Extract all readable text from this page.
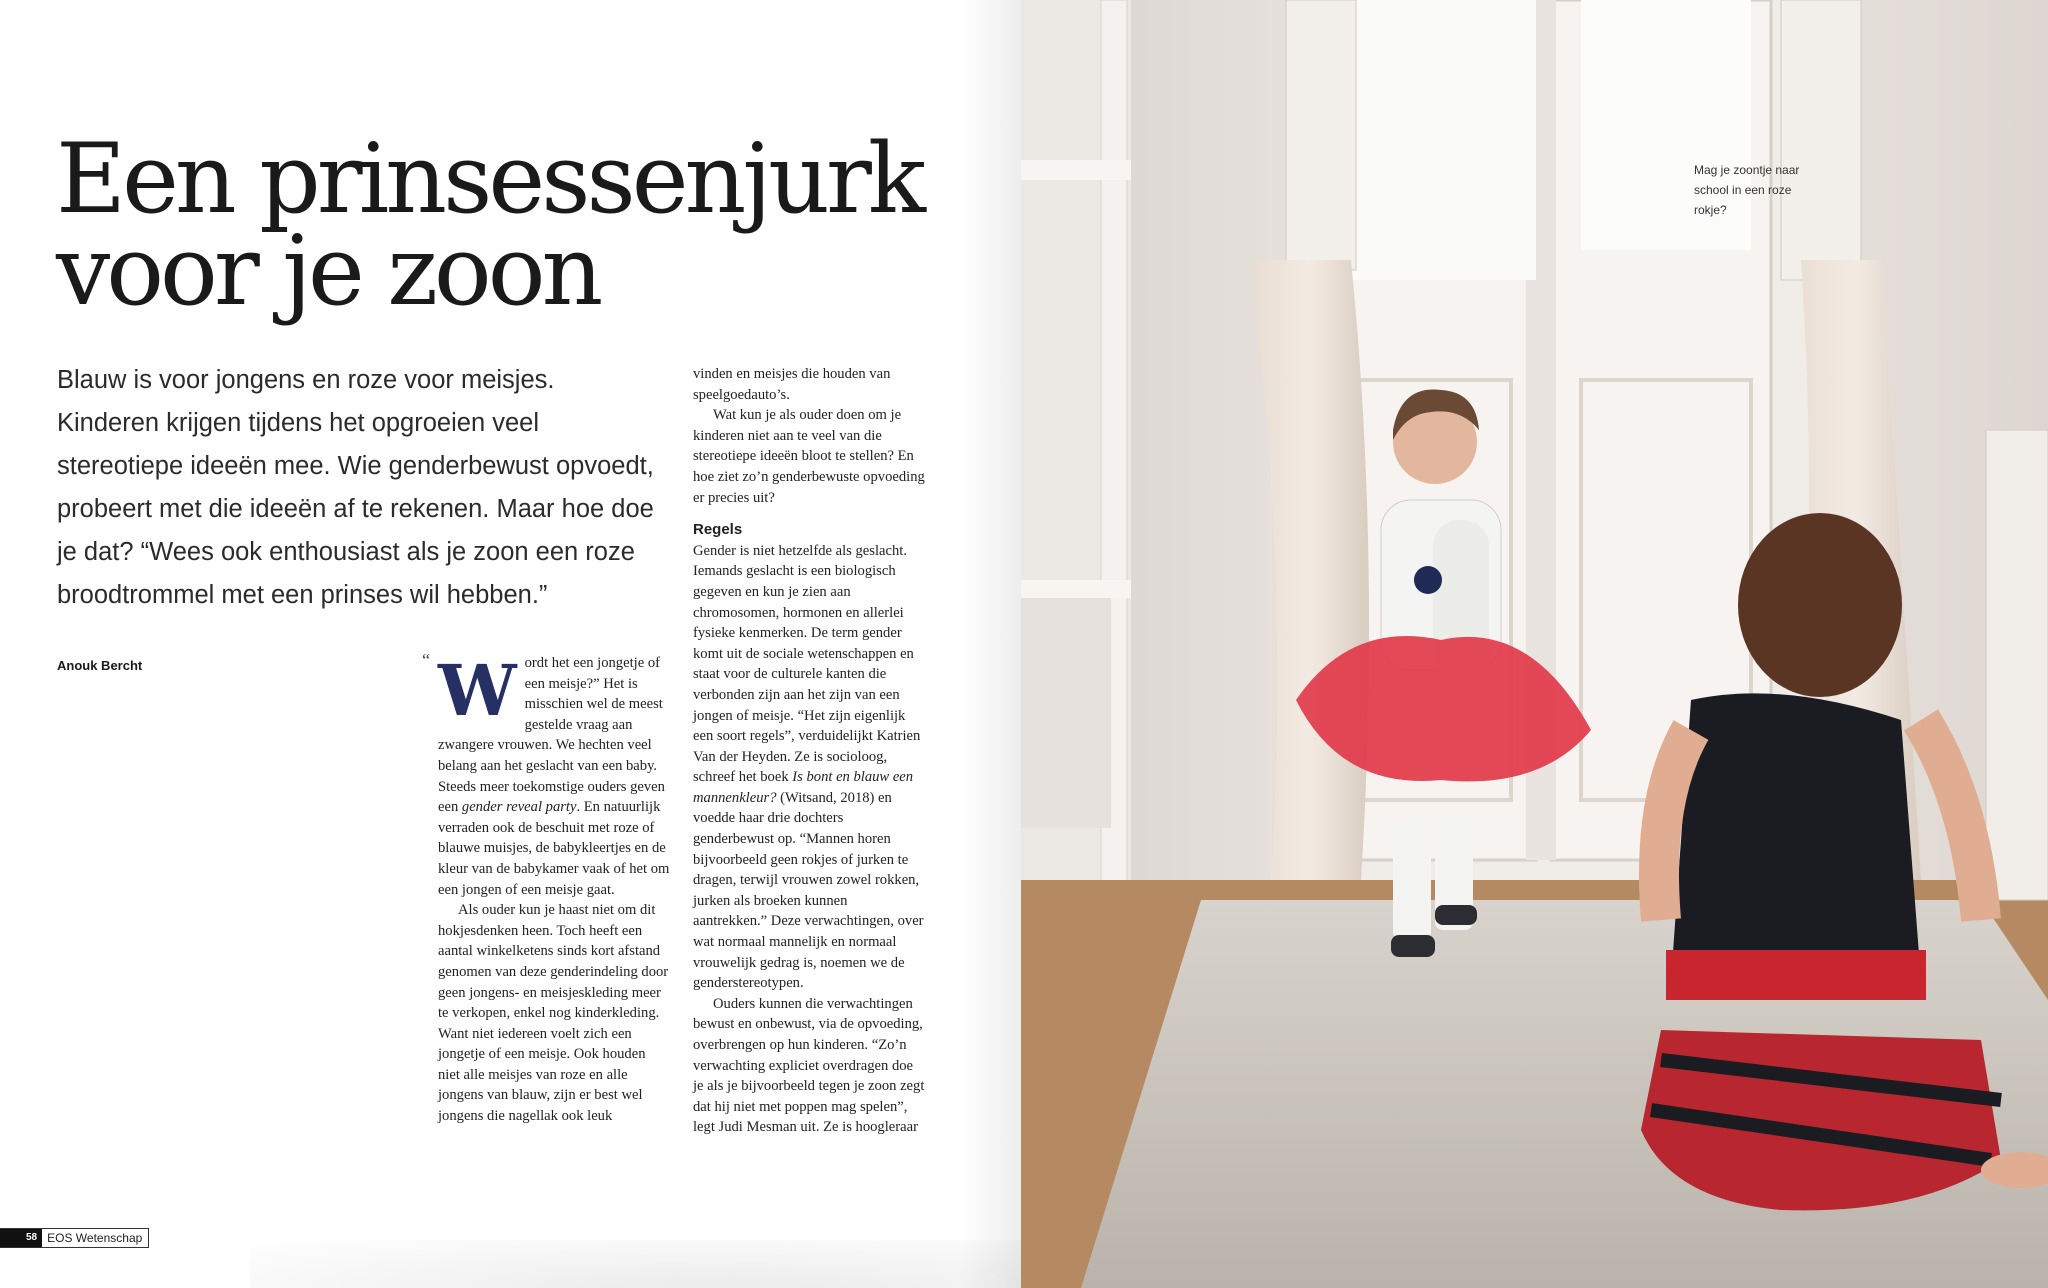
Een prinsessenjurk
voor je zoon

Blauw is voor jongens en roze voor meisjes. Kinderen krijgen tijdens het opgroeien veel stereotiepe ideeën mee. Wie genderbewust opvoedt, probeert met die ideeën af te rekenen. Maar hoe doe je dat? “Wees ook enthousiast als je zoon een roze broodtrommel met een prinses wil hebben.”

Anouk Bercht	“ Wordt het een jongetje of een meisje?” Het is misschien wel de meest gestelde vraag aan zwangere vrouwen. We hechten veel belang aan het geslacht van een baby. Steeds meer toekomstige ouders geven een gender reveal party. En natuurlijk verraden ook de beschuit met roze of blauwe muisjes, de babykleertjes en de kleur van de babykamer vaak of het om een jongen of een meisje gaat.

Als ouder kun je haast niet om dit hokjesdenken heen. Toch heeft een aantal winkelketens sinds kort afstand genomen van deze genderindeling door geen jongens- en meisjeskleding meer te verkopen, enkel nog kinderkleding. Want niet iedereen voelt zich een jongetje of een meisje. Ook houden niet alle meisjes van roze en alle jongens van blauw, zijn er best wel jongens die nagellak ook leuk

vinden en meisjes die houden van speelgoedauto’s.

Wat kun je als ouder doen om je kinderen niet aan te veel van die stereotiepe ideeën bloot te stellen? En hoe ziet zo’n genderbewuste opvoeding er precies uit?

Regels

Gender is niet hetzelfde als geslacht. Iemands geslacht is een biologisch gegeven en kun je zien aan chromosomen, hormonen en allerlei fysieke kenmerken. De term gender komt uit de sociale wetenschappen en staat voor de culturele kanten die verbonden zijn aan het zijn van een jongen of meisje. “Het zijn eigenlijk een soort regels”, verduidelijkt Katrien Van der Heyden. Ze is socioloog, schreef het boek Is bont en blauw een mannenkleur? (Witsand, 2018) en voedde haar drie dochters genderbewust op. “Mannen horen bijvoorbeeld geen rokjes of jurken te dragen, terwijl vrouwen zowel rokken, jurken als broeken kunnen aantrekken.” Deze verwachtingen, over wat normaal mannelijk en normaal vrouwelijk gedrag is, noemen we de genderstereotypen.

Ouders kunnen die verwachtingen bewust en onbewust, via de opvoeding, overbrengen op hun kinderen. “Zo’n verwachting expliciet overdragen doe je als je bijvoorbeeld tegen je zoon zegt dat hij niet met poppen mag spelen”, legt Judi Mesman uit. Ze is hoogleraar

58 EOS Wetenschap

Mag je zoontje naar school in een roze rokje?
